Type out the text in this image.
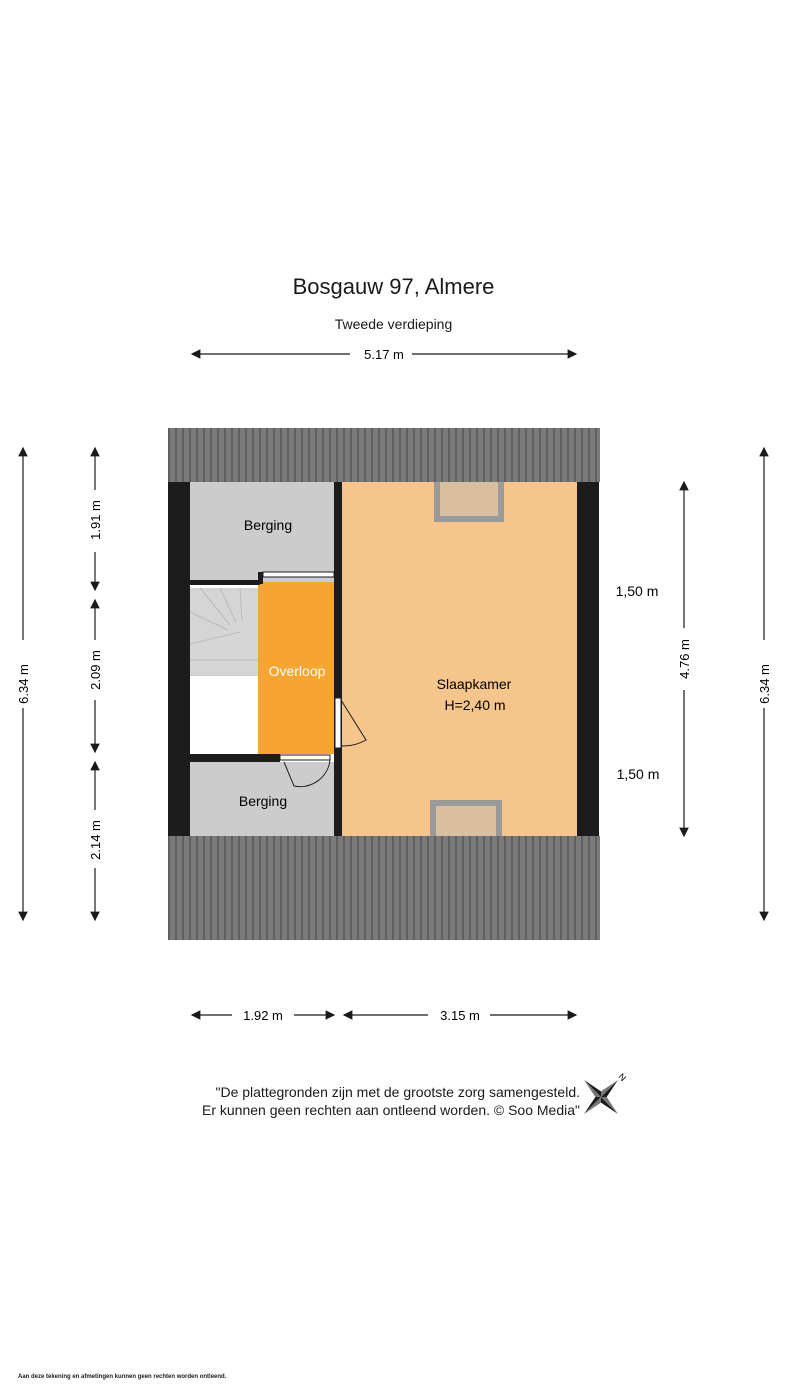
Bosgauw 97, Almere
Tweede verdieping
5.17 m
Berging
Berging
Overloop
Slaapkamer
H=2,40 m
6.34 m
1.91 m
2.09 m
2.14 m
1,50 m
1,50 m
4.76 m
6.34 m
1.92 m	3.15 m
N
"De plattegronden zijn met de grootste zorg samengesteld.
Er kunnen geen rechten aan ontleend worden. © Soo Media"
Aan deze tekening en afmetingen kunnen geen rechten worden ontleend.
